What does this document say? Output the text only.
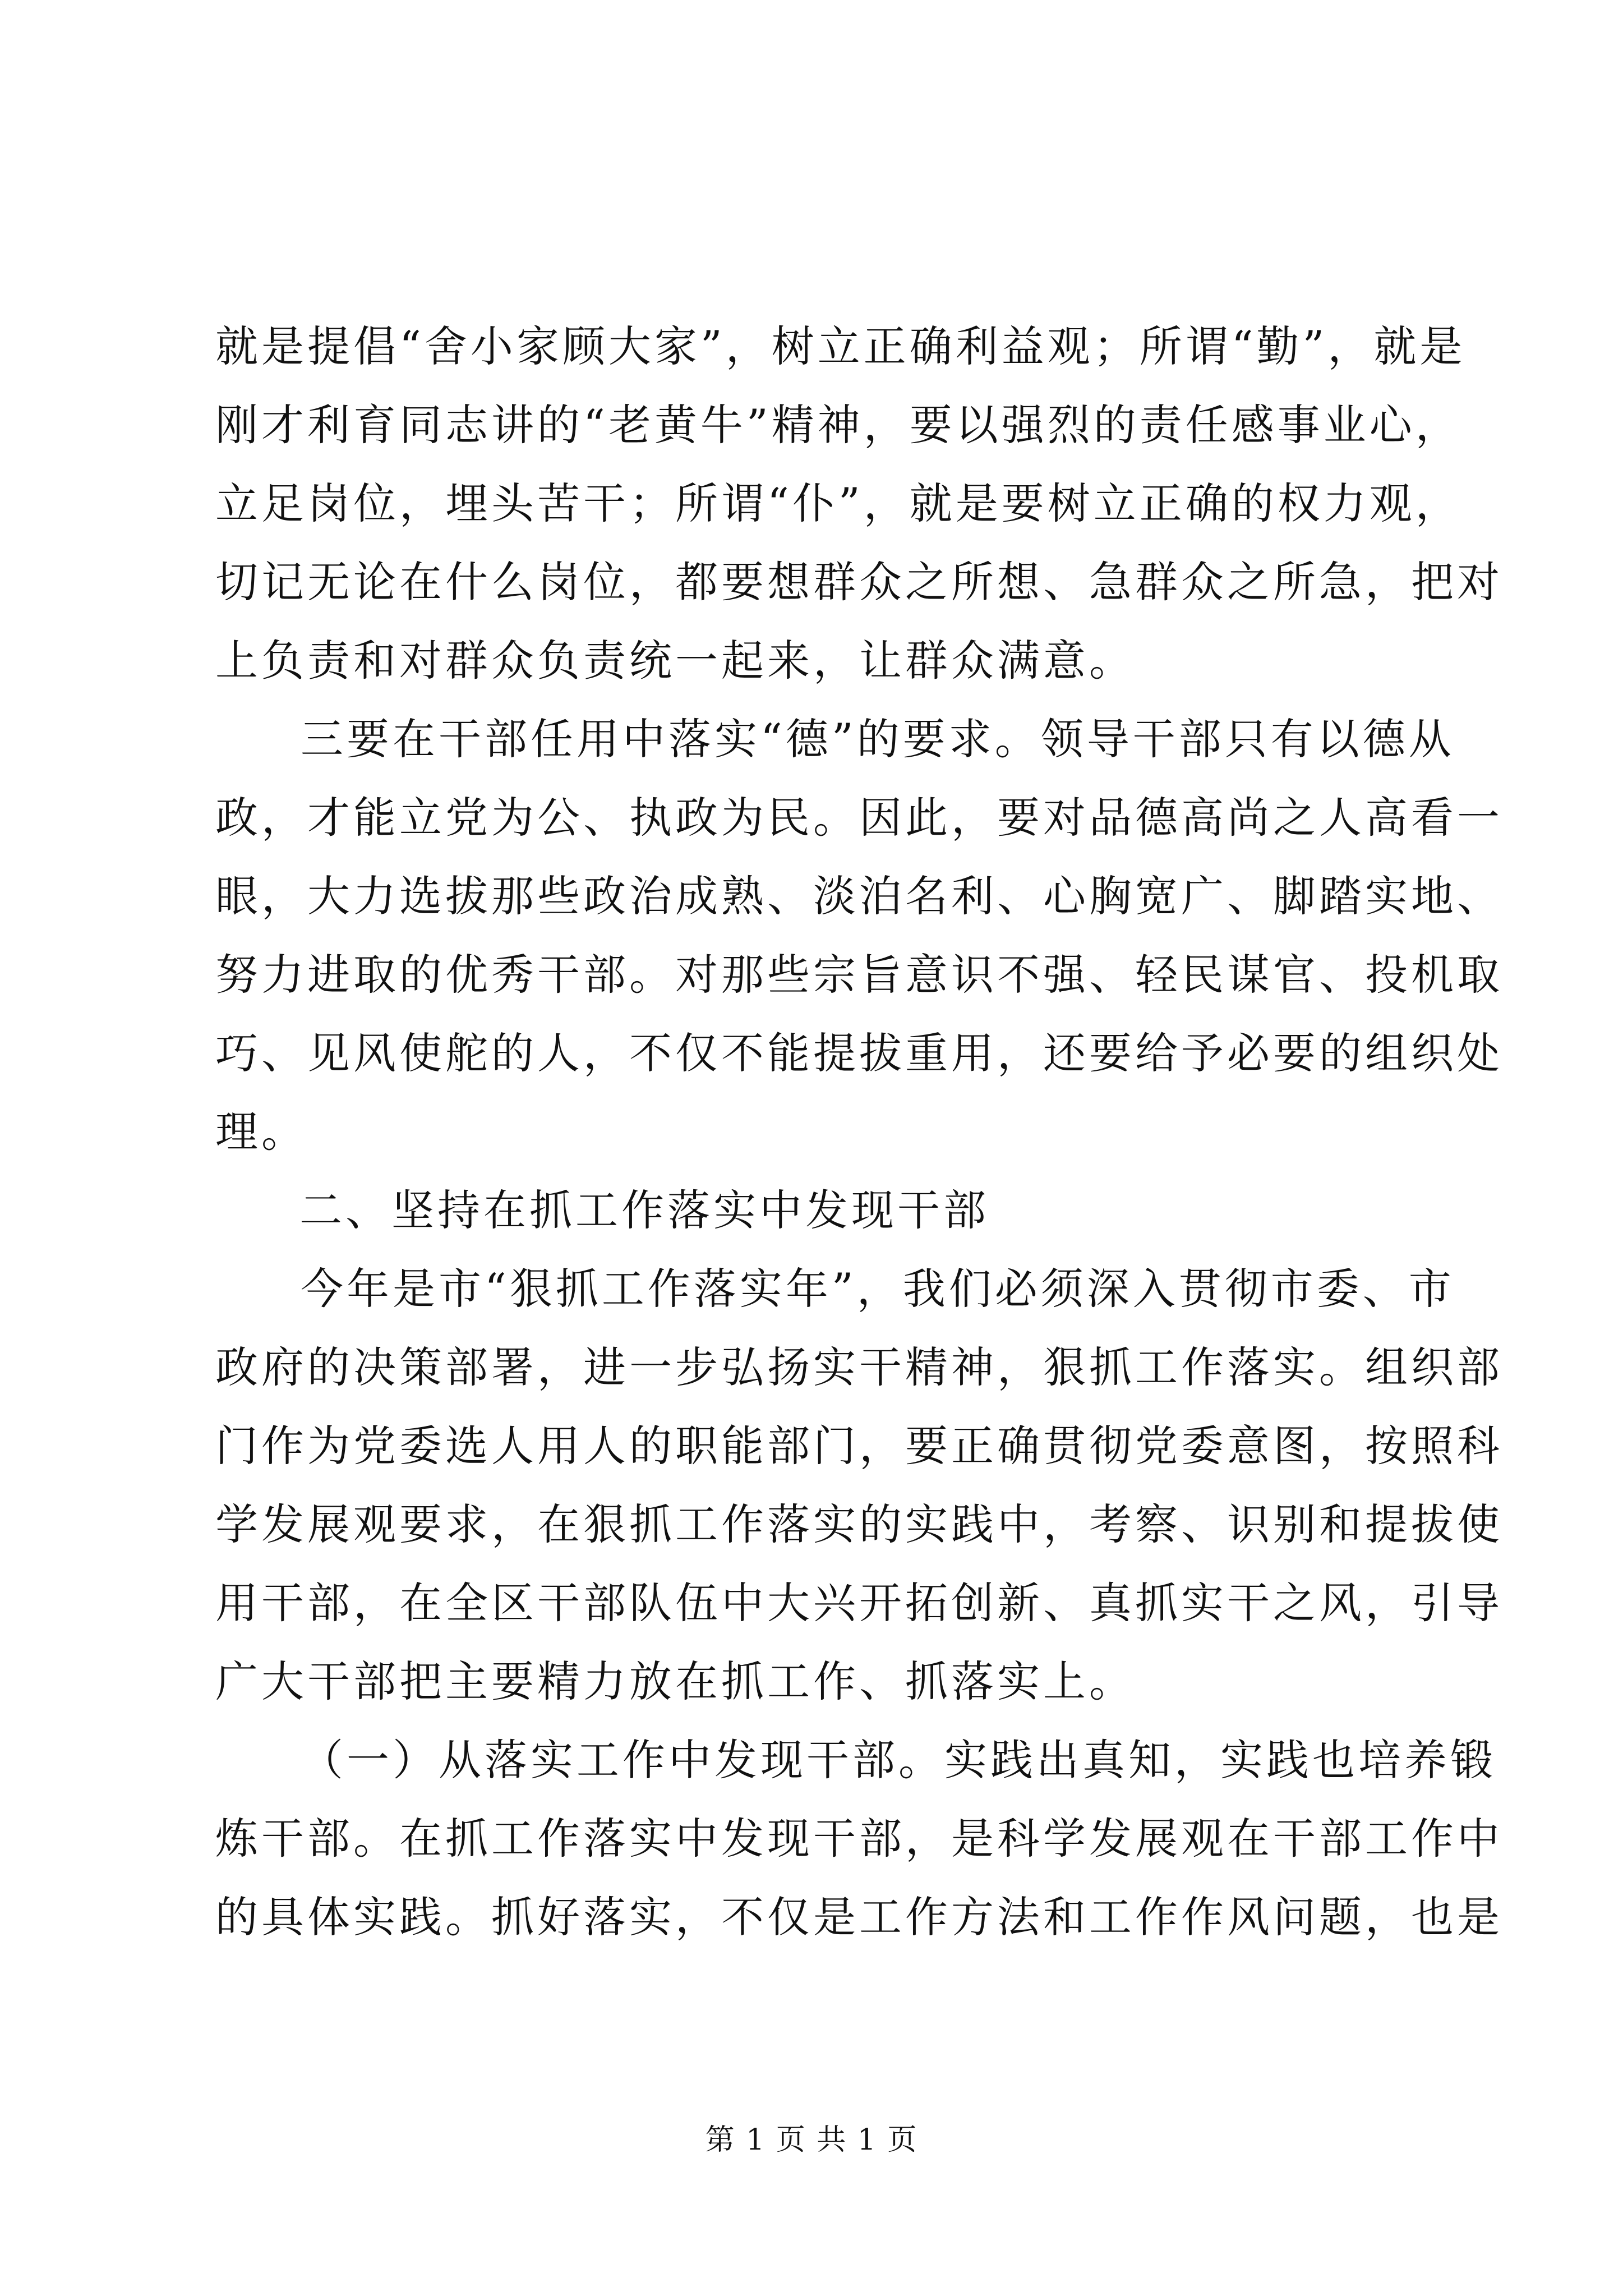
就是提倡“舍小家顾大家”，树立正确利益观；所谓“勤”，就是
刚才利育同志讲的“老黄牛”精神，要以强烈的责任感事业心，
立足岗位，埋头苦干；所谓“仆”，就是要树立正确的权力观，
切记无论在什么岗位，都要想群众之所想、急群众之所急，把对
上负责和对群众负责统一起来，让群众满意。
三要在干部任用中落实“德”的要求。领导干部只有以德从
政，才能立党为公、执政为民。因此，要对品德高尚之人高看一
眼，大力选拔那些政治成熟、淡泊名利、心胸宽广、脚踏实地、
努力进取的优秀干部。对那些宗旨意识不强、轻民谋官、投机取
巧、见风使舵的人，不仅不能提拔重用，还要给予必要的组织处
理。
二、坚持在抓工作落实中发现干部
今年是市“狠抓工作落实年”，我们必须深入贯彻市委、市
政府的决策部署，进一步弘扬实干精神，狠抓工作落实。组织部
门作为党委选人用人的职能部门，要正确贯彻党委意图，按照科
学发展观要求，在狠抓工作落实的实践中，考察、识别和提拔使
用干部，在全区干部队伍中大兴开拓创新、真抓实干之风，引导
广大干部把主要精力放在抓工作、抓落实上。
（一）从落实工作中发现干部。实践出真知，实践也培养锻
炼干部。在抓工作落实中发现干部，是科学发展观在干部工作中
的具体实践。抓好落实，不仅是工作方法和工作作风问题，也是
第 1 页 共 1 页
